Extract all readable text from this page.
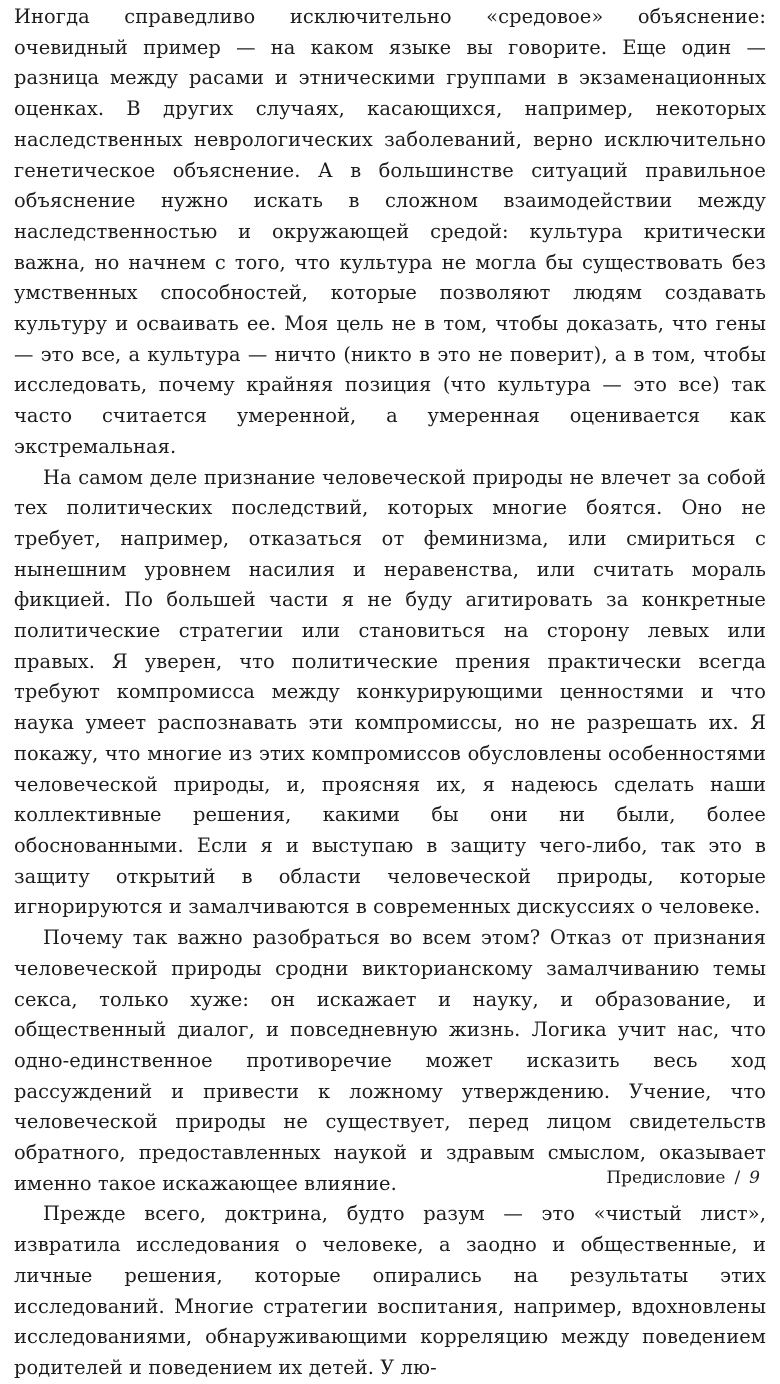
Иногда справедливо исключительно «средовое» объяснение: очевидный пример — на каком языке вы говорите. Еще один — разница между расами и этническими группами в экзаменационных оценках. В других случаях, касающихся, например, некоторых наследственных неврологических заболеваний, верно исключительно генетическое объяснение. А в большинстве ситуаций правильное объяснение нужно искать в сложном взаимодействии между наследственностью и окружающей средой: культура критически важна, но начнем с того, что культура не могла бы существовать без умственных способностей, которые позволяют людям создавать культуру и осваивать ее. Моя цель не в том, чтобы доказать, что гены — это все, а культура — ничто (никто в это не поверит), а в том, чтобы исследовать, почему крайняя позиция (что культура — это все) так часто считается умеренной, а умеренная оценивается как экстремальная.

На самом деле признание человеческой природы не влечет за собой тех политических последствий, которых многие боятся. Оно не требует, например, отказаться от феминизма, или смириться с нынешним уровнем насилия и неравенства, или считать мораль фикцией. По большей части я не буду агитировать за конкретные политические стратегии или становиться на сторону левых или правых. Я уверен, что политические прения практически всегда требуют компромисса между конкурирующими ценностями и что наука умеет распознавать эти компромиссы, но не разрешать их. Я покажу, что многие из этих компромиссов обусловлены особенностями человеческой природы, и, проясняя их, я надеюсь сделать наши коллективные решения, какими бы они ни были, более обоснованными. Если я и выступаю в защиту чего-либо, так это в защиту открытий в области человеческой природы, которые игнорируются и замалчиваются в современных дискуссиях о человеке.

Почему так важно разобраться во всем этом? Отказ от признания человеческой природы сродни викторианскому замалчиванию темы секса, только хуже: он искажает и науку, и образование, и общественный диалог, и повседневную жизнь. Логика учит нас, что одно-единственное противоречие может исказить весь ход рассуждений и привести к ложному утверждению. Учение, что человеческой природы не существует, перед лицом свидетельств обратного, предоставленных наукой и здравым смыслом, оказывает именно такое искажающее влияние.

Прежде всего, доктрина, будто разум — это «чистый лист», извратила исследования о человеке, а заодно и общественные, и личные решения, которые опирались на результаты этих исследований. Многие стратегии воспитания, например, вдохновлены исследованиями, обнаруживающими корреляцию между поведением родителей и поведением их детей. У лю-

Предисловие / 9
